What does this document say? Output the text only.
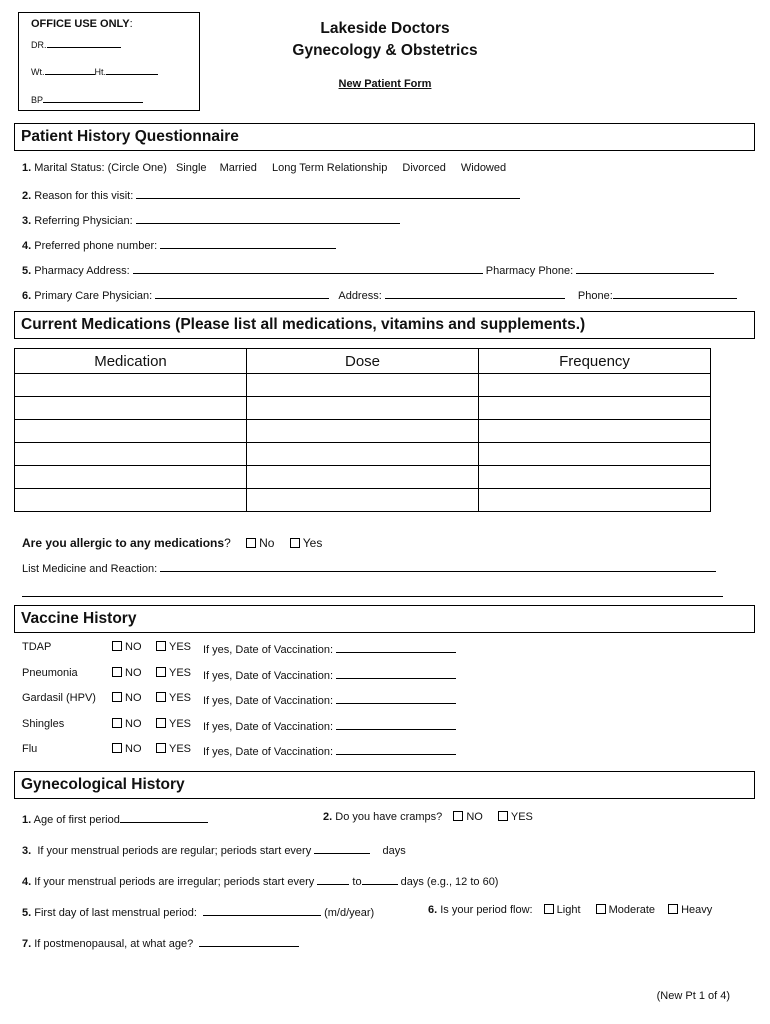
OFFICE USE ONLY:
DR.
Wt.	Ht.
BP
Lakeside Doctors
Gynecology & Obstetrics
New Patient Form
Patient History Questionnaire
1. Marital Status: (Circle One) Single Married Long Term Relationship Divorced Widowed
2. Reason for this visit:
3. Referring Physician:
4. Preferred phone number:
5. Pharmacy Address:	Pharmacy Phone:
6. Primary Care Physician:	Address:	Phone:
Current Medications (Please list all medications, vitamins and supplements.)
Medication	Dose	Frequency

Are you allergic to any medications? No Yes
List Medicine and Reaction:
Vaccine History
TDAP	NO	YES If yes, Date of Vaccination:
Pneumonia	NO	YES If yes, Date of Vaccination:
Gardasil (HPV)	NO	YES If yes, Date of Vaccination:
Shingles	NO	YES If yes, Date of Vaccination:
Flu	NO	YES If yes, Date of Vaccination:
Gynecological History
1. Age of first period	2. Do you have cramps? NO	YES
3. If your menstrual periods are regular; periods start every	days
4. If your menstrual periods are irregular; periods start every	to	days (e.g., 12 to 60)
5. First day of last menstrual period:	(m/d/year)	6. Is your period flow: Light	Moderate Heavy
7. If postmenopausal, at what age?
(New Pt 1 of 4)
